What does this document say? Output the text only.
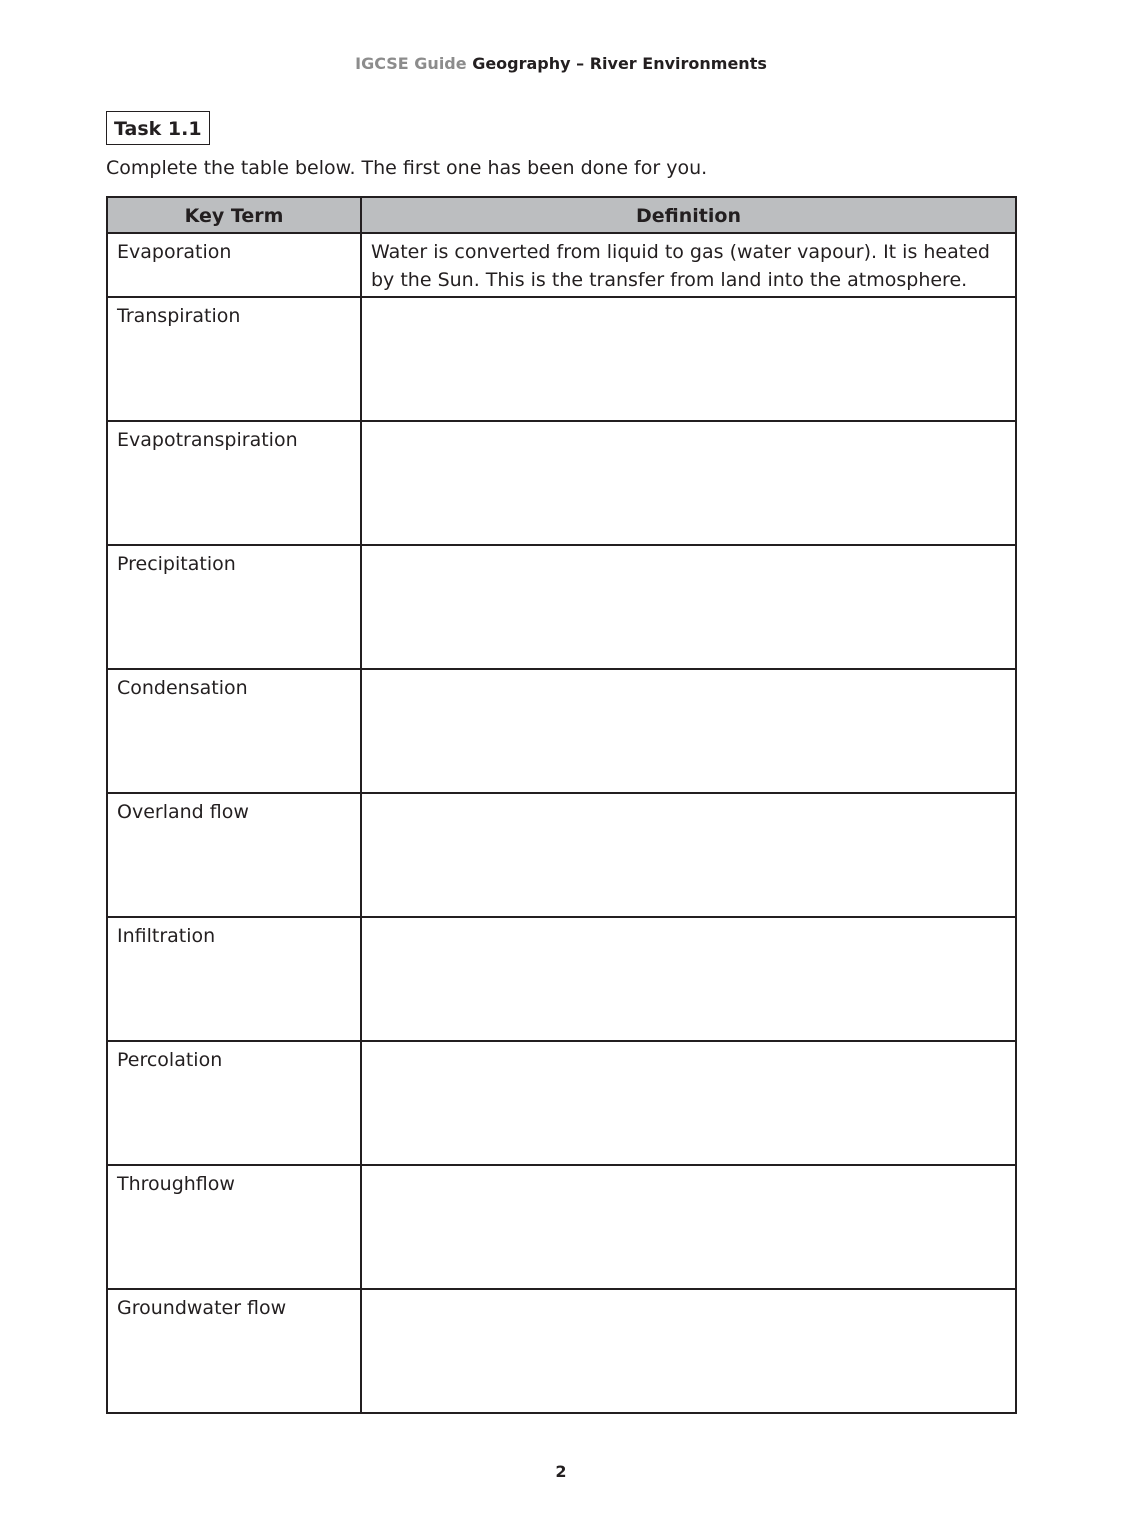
IGCSE Guide Geography – River Environments
Task 1.1
Complete the table below. The first one has been done for you.
Key Term	Definition
Evaporation	Water is converted from liquid to gas (water vapour). It is heated by the Sun. This is the transfer from land into the atmosphere.
Transpiration	
Evapotranspiration	
Precipitation	
Condensation	
Overland flow	
Infiltration	
Percolation	
Throughflow	
Groundwater flow	
2
